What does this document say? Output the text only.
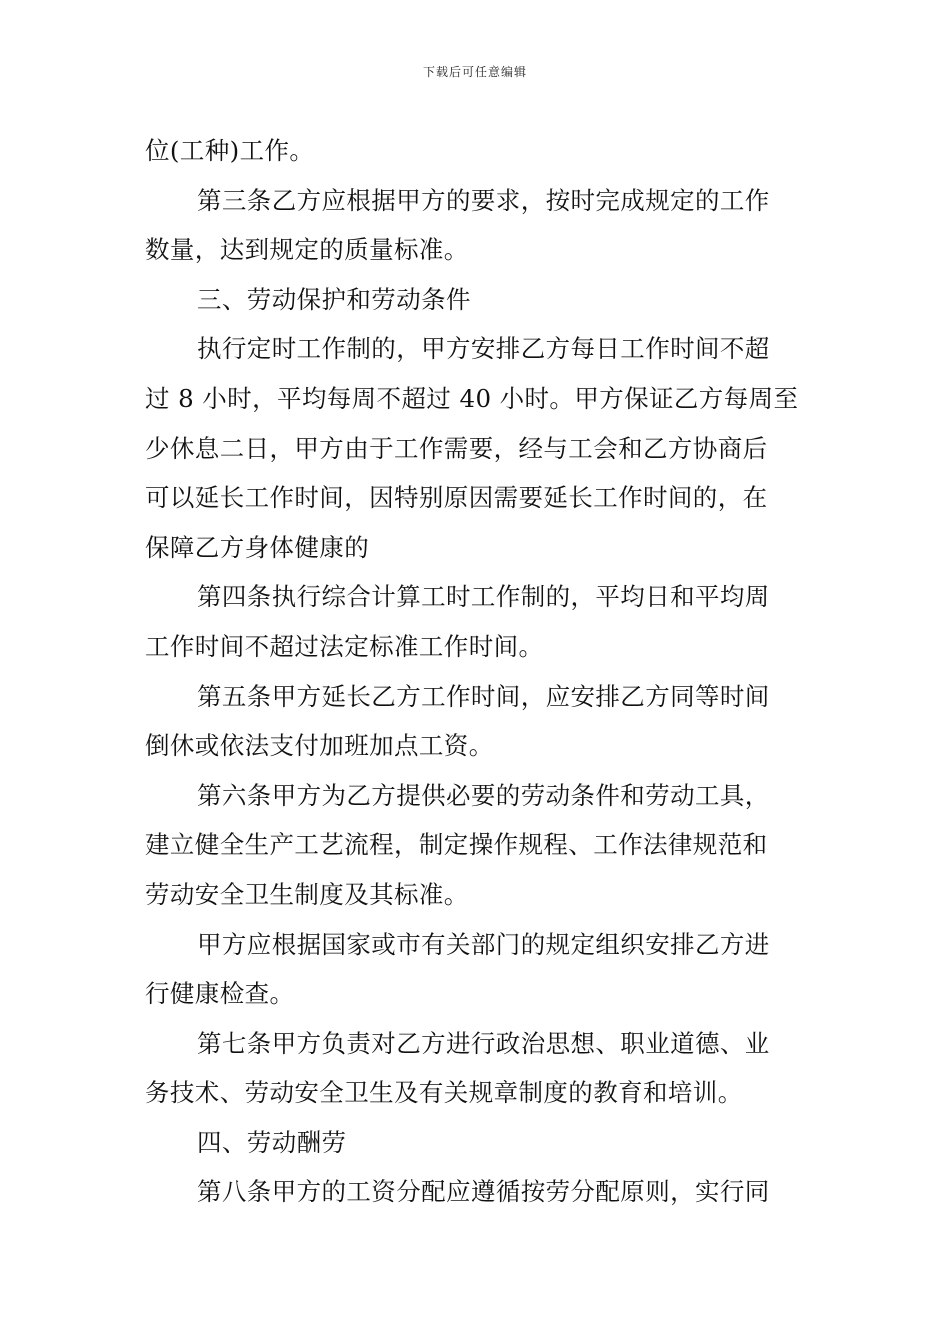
下载后可任意编辑
位(工种)工作。
第三条乙方应根据甲方的要求，按时完成规定的工作
数量，达到规定的质量标准。
三、劳动保护和劳动条件
执行定时工作制的，甲方安排乙方每日工作时间不超
过 8 小时，平均每周不超过 40 小时。甲方保证乙方每周至
少休息二日，甲方由于工作需要，经与工会和乙方协商后
可以延长工作时间，因特别原因需要延长工作时间的，在
保障乙方身体健康的
第四条执行综合计算工时工作制的，平均日和平均周
工作时间不超过法定标准工作时间。
第五条甲方延长乙方工作时间，应安排乙方同等时间
倒休或依法支付加班加点工资。
第六条甲方为乙方提供必要的劳动条件和劳动工具，
建立健全生产工艺流程，制定操作规程、工作法律规范和
劳动安全卫生制度及其标准。
甲方应根据国家或市有关部门的规定组织安排乙方进
行健康检查。
第七条甲方负责对乙方进行政治思想、职业道德、业
务技术、劳动安全卫生及有关规章制度的教育和培训。
四、劳动酬劳
第八条甲方的工资分配应遵循按劳分配原则，实行同
